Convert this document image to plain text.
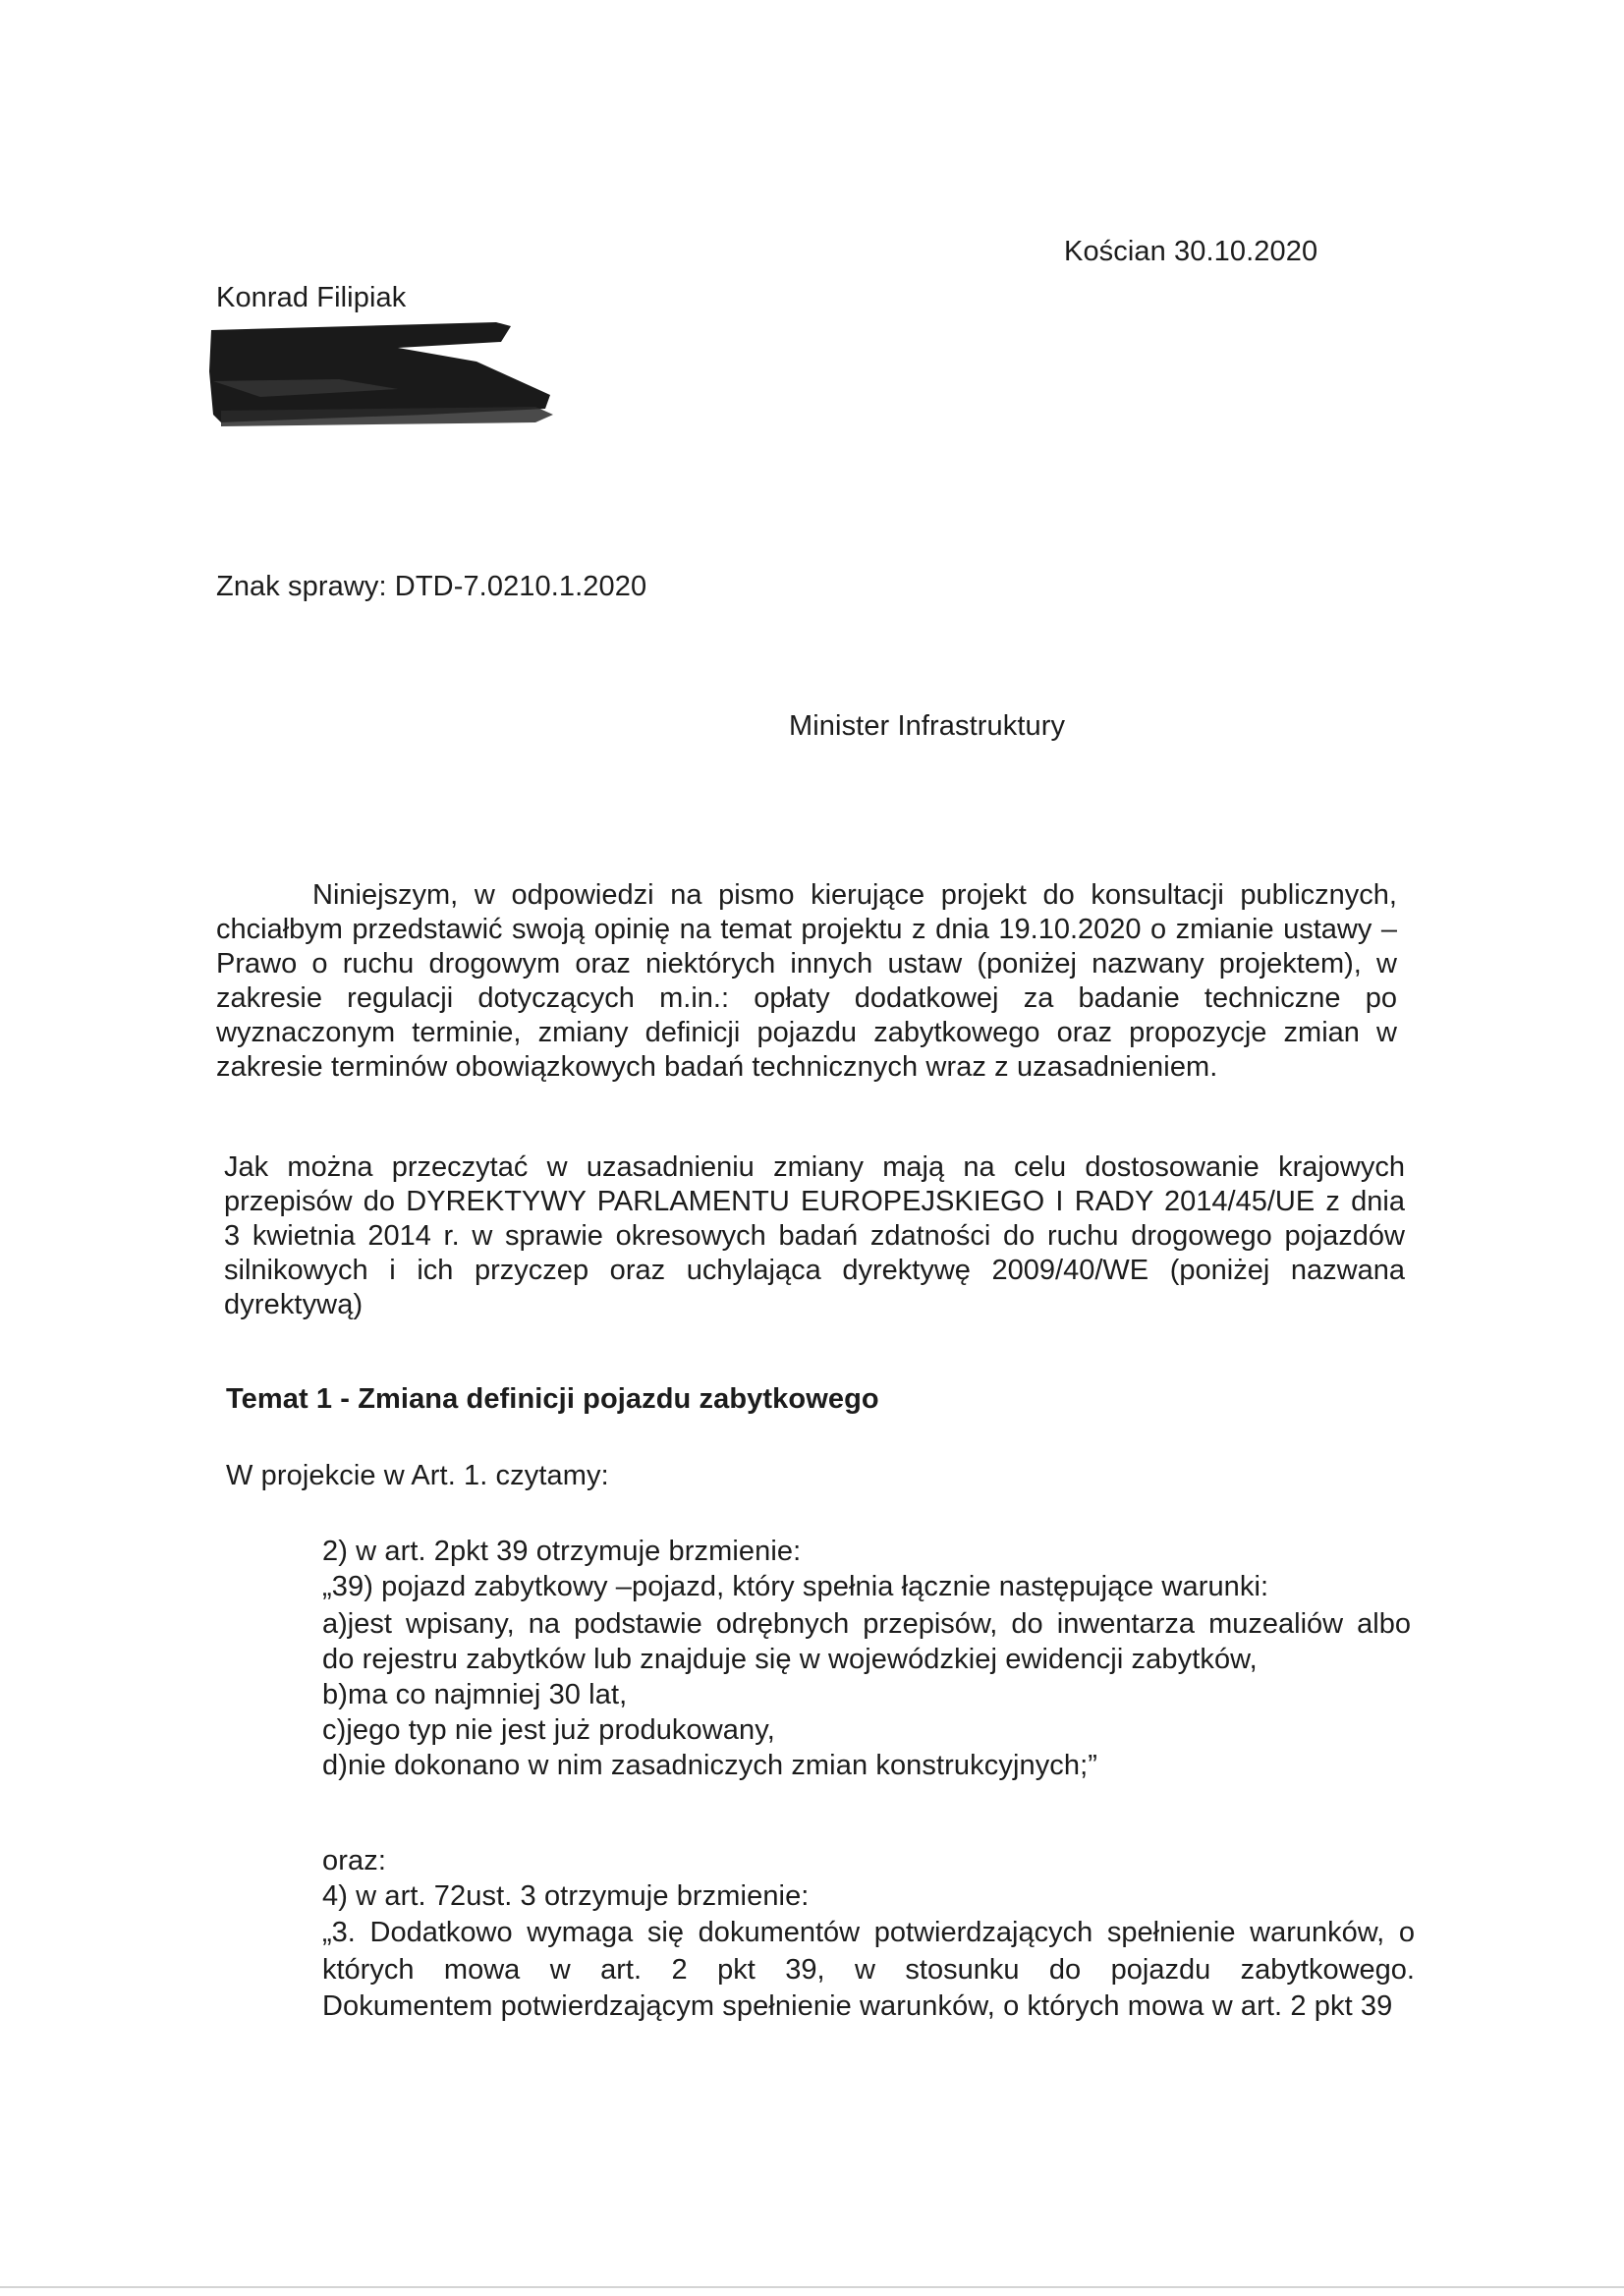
Kościan 30.10.2020
Konrad Filipiak
Znak sprawy: DTD-7.0210.1.2020
Minister Infrastruktury
Niniejszym, w odpowiedzi na pismo kierujące projekt do konsultacji publicznych,
chciałbym przedstawić swoją opinię na temat projektu z dnia 19.10.2020 o zmianie ustawy –
Prawo o ruchu drogowym oraz niektórych innych ustaw (poniżej nazwany projektem), w
zakresie regulacji dotyczących m.in.: opłaty dodatkowej za badanie techniczne po
wyznaczonym terminie, zmiany definicji pojazdu zabytkowego oraz propozycje zmian w
zakresie terminów obowiązkowych badań technicznych wraz z uzasadnieniem.
Jak można przeczytać w uzasadnieniu zmiany mają na celu dostosowanie krajowych
przepisów do DYREKTYWY PARLAMENTU EUROPEJSKIEGO I RADY 2014/45/UE z dnia
3 kwietnia 2014 r. w sprawie okresowych badań zdatności do ruchu drogowego pojazdów
silnikowych i ich przyczep oraz uchylająca dyrektywę 2009/40/WE (poniżej nazwana
dyrektywą)
Temat 1 - Zmiana definicji pojazdu zabytkowego
W projekcie w Art. 1. czytamy:
2) w art. 2pkt 39 otrzymuje brzmienie:
„39) pojazd zabytkowy –pojazd, który spełnia łącznie następujące warunki:
a)jest wpisany, na podstawie odrębnych przepisów, do inwentarza muzealiów albo
do rejestru zabytków lub znajduje się w wojewódzkiej ewidencji zabytków,
b)ma co najmniej 30 lat,
c)jego typ nie jest już produkowany,
d)nie dokonano w nim zasadniczych zmian konstrukcyjnych;”
oraz:
4) w art. 72ust. 3 otrzymuje brzmienie:
„3. Dodatkowo wymaga się dokumentów potwierdzających spełnienie warunków, o
których mowa w art. 2 pkt 39, w stosunku do pojazdu zabytkowego.
Dokumentem potwierdzającym spełnienie warunków, o których mowa w art. 2 pkt 39
